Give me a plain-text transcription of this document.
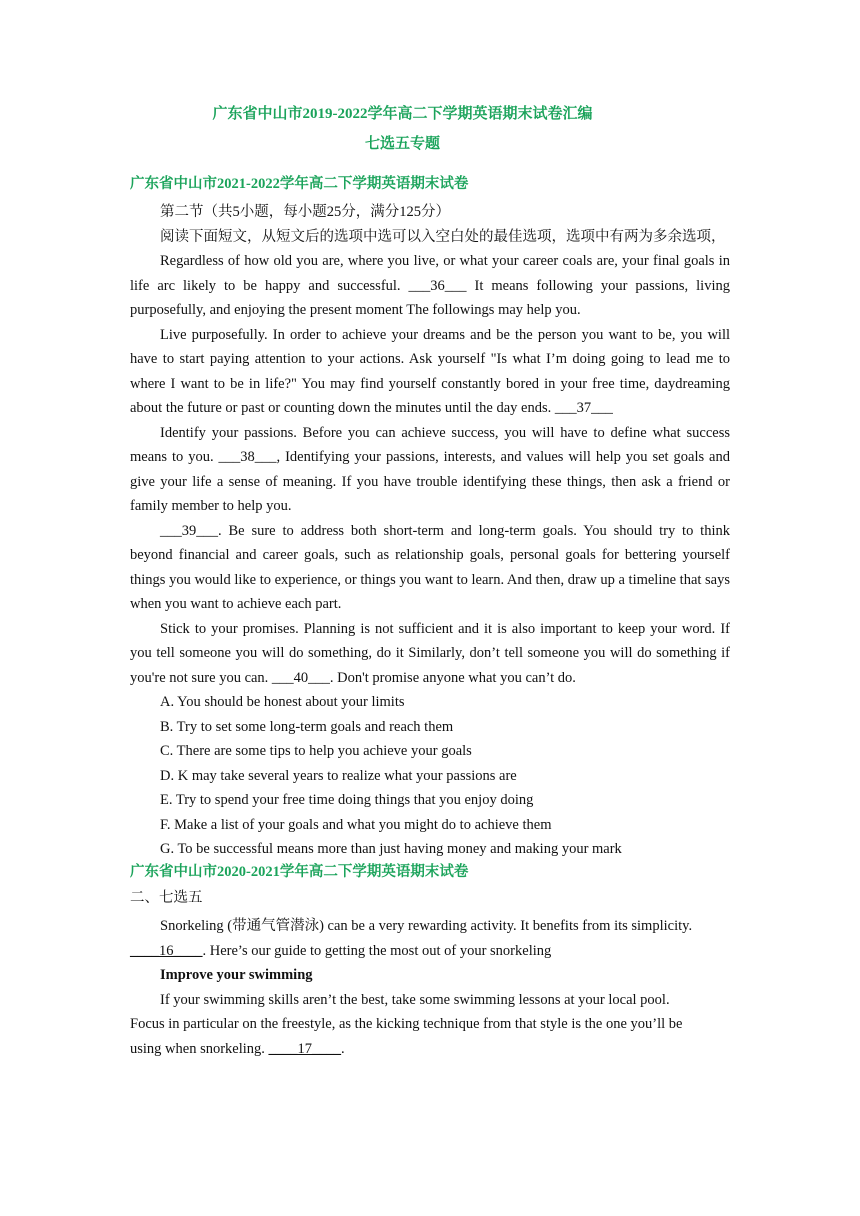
广东省中山市2019-2022学年高二下学期英语期末试卷汇编
七选五专题
广东省中山市2021-2022学年高二下学期英语期末试卷

第二节（共5小题，每小题25分，满分125分）

阅读下面短文，从短文后的选项中选可以入空白处的最佳选项，选项中有两为多余选项，

Regardless of how old you are, where you live, or what your career coals are, your final goals in life arc likely to be happy and successful. ___36___ It means following your passions, living purposefully, and enjoying the present moment The followings may help you.

Live purposefully. In order to achieve your dreams and be the person you want to be, you will have to start paying attention to your actions. Ask yourself "Is what I’m doing going to lead me to where I want to be in life?" You may find yourself constantly bored in your free time, daydreaming about the future or past or counting down the minutes until the day ends. ___37___

Identify your passions. Before you can achieve success, you will have to define what success means to you. ___38___, Identifying your passions, interests, and values will help you set goals and give your life a sense of meaning. If you have trouble identifying these things, then ask a friend or family member to help you.

___39___. Be sure to address both short-term and long-term goals. You should try to think beyond financial and career goals, such as relationship goals, personal goals for bettering yourself things you would like to experience, or things you want to learn. And then, draw up a timeline that says when you want to achieve each part.

Stick to your promises. Planning is not sufficient and it is also important to keep your word. If you tell someone you will do something, do it Similarly, don’t tell someone you will do something if you're not sure you can. ___40___. Don't promise anyone what you can’t do.

A. You should be honest about your limits

B. Try to set some long-term goals and reach them

C. There are some tips to help you achieve your goals

D. K may take several years to realize what your passions are

E. Try to spend your free time doing things that you enjoy doing

F. Make a list of your goals and what you might do to achieve them

G. To be successful means more than just having money and making your mark

广东省中山市2020-2021学年高二下学期英语期末试卷

二、七选五

Snorkeling (带通气管潜泳) can be a very rewarding activity. It benefits from its simplicity.

____16____. Here’s our guide to getting the most out of your snorkeling

Improve your swimming

If your swimming skills aren’t the best, take some swimming lessons at your local pool.

Focus in particular on the freestyle, as the kicking technique from that style is the one you’ll be

using when snorkeling. ____17____.
